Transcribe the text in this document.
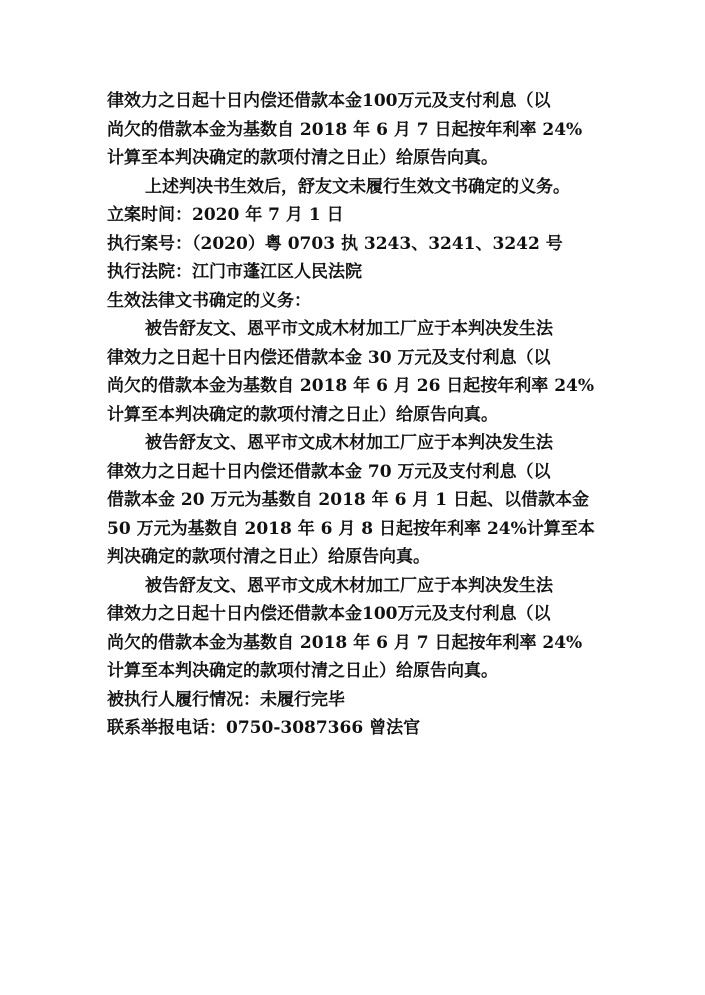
律效力之日起十日内偿还借款本金100万元及支付利息（以
尚欠的借款本金为基数自 2018 年 6 月 7 日起按年利率 24%
计算至本判决确定的款项付清之日止）给原告向真。
上述判决书生效后，舒友文未履行生效文书确定的义务。
立案时间：2020 年 7 月 1 日
执行案号：（2020）粤 0703 执 3243、3241、3242 号
执行法院：江门市蓬江区人民法院
生效法律文书确定的义务：
被告舒友文、恩平市文成木材加工厂应于本判决发生法
律效力之日起十日内偿还借款本金 30 万元及支付利息（以
尚欠的借款本金为基数自 2018 年 6 月 26 日起按年利率 24%
计算至本判决确定的款项付清之日止）给原告向真。
被告舒友文、恩平市文成木材加工厂应于本判决发生法
律效力之日起十日内偿还借款本金 70 万元及支付利息（以
借款本金 20 万元为基数自 2018 年 6 月 1 日起、以借款本金
50 万元为基数自 2018 年 6 月 8 日起按年利率 24%计算至本
判决确定的款项付清之日止）给原告向真。
被告舒友文、恩平市文成木材加工厂应于本判决发生法
律效力之日起十日内偿还借款本金100万元及支付利息（以
尚欠的借款本金为基数自 2018 年 6 月 7 日起按年利率 24%
计算至本判决确定的款项付清之日止）给原告向真。
被执行人履行情况：未履行完毕
联系举报电话：0750-3087366 曾法官
